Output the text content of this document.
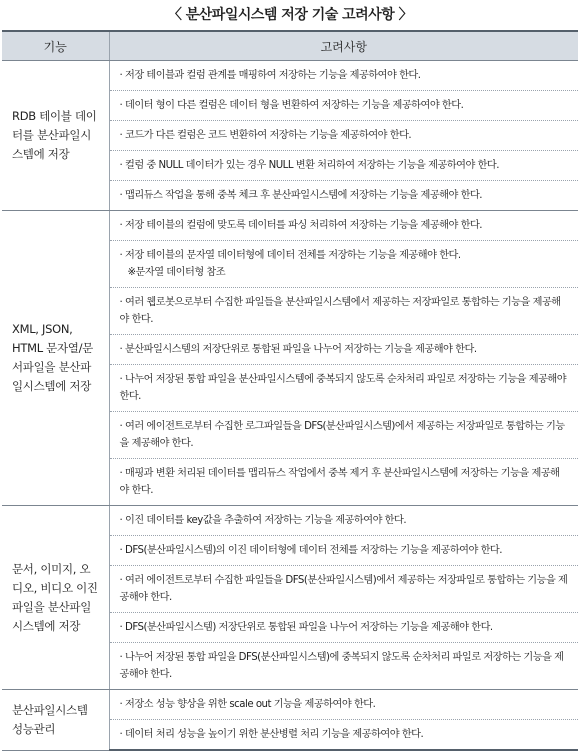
〈 분산파일시스템 저장 기술 고려사항 〉
기능	고려사항
RDB 테이블 데이터를 분산파일시스템에 저장	· 저장 테이블과 컬럼 관계를 매핑하여 저장하는 기능을 제공하여야 한다.
	· 데이터 형이 다른 컬럼은 데이터 형을 변환하여 저장하는 기능을 제공하여야 한다.
	· 코드가 다른 컬럼은 코드 변환하여 저장하는 기능을 제공하여야 한다.
	· 컬럼 중 NULL 데이터가 있는 경우 NULL 변환 처리하여 저장하는 기능을 제공하여야 한다.
	· 맵리듀스 작업을 통해 중복 체크 후 분산파일시스템에 저장하는 기능을 제공해야 한다.
XML, JSON, HTML 문자열/문서파일을 분산파일시스템에 저장	· 저장 테이블의 컬럼에 맞도록 데이터를 파싱 처리하여 저장하는 기능을 제공해야 한다.
	· 저장 테이블의 문자열 데이터형에 데이터 전체를 저장하는 기능을 제공해야 한다.
※문자열 데이터형 참조

	· 여러 웹로봇으로부터 수집한 파일들을 분산파일시스템에서 제공하는 저장파일로 통합하는 기능을 제공해야 한다.
	· 분산파일시스템의 저장단위로 통합된 파일을 나누어 저장하는 기능을 제공해야 한다.
	· 나누어 저장된 통합 파일을 분산파일시스템에 중복되지 않도록 순차처리 파일로 저장하는 기능을 제공해야 한다.
	· 여러 에이전트로부터 수집한 로그파일들을 DFS(분산파일시스템)에서 제공하는 저장파일로 통합하는 기능을 제공해야 한다.
	· 매핑과 변환 처리된 데이터를 맵리듀스 작업에서 중복 제거 후 분산파일시스템에 저장하는 기능을 제공해야 한다.
문서, 이미지, 오디오, 비디오 이진파일을 분산파일시스템에 저장	· 이진 데이터를 key값을 추출하여 저장하는 기능을 제공하여야 한다.
	· DFS(분산파일시스템)의 이진 데이터형에 데이터 전체를 저장하는 기능을 제공하여야 한다.
	· 여러 에이전트로부터 수집한 파일들을 DFS(분산파일시스템)에서 제공하는 저장파일로 통합하는 기능을 제공해야 한다.
	· DFS(분산파일시스템) 저장단위로 통합된 파일을 나누어 저장하는 기능을 제공해야 한다.
	· 나누어 저장된 통합 파일을 DFS(분산파일시스템)에 중복되지 않도록 순차처리 파일로 저장하는 기능을 제공해야 한다.
분산파일시스템 성능관리	· 저장소 성능 향상을 위한 scale out 기능을 제공하여야 한다.
	· 데이터 처리 성능을 높이기 위한 분산병렬 처리 기능을 제공하여야 한다.
